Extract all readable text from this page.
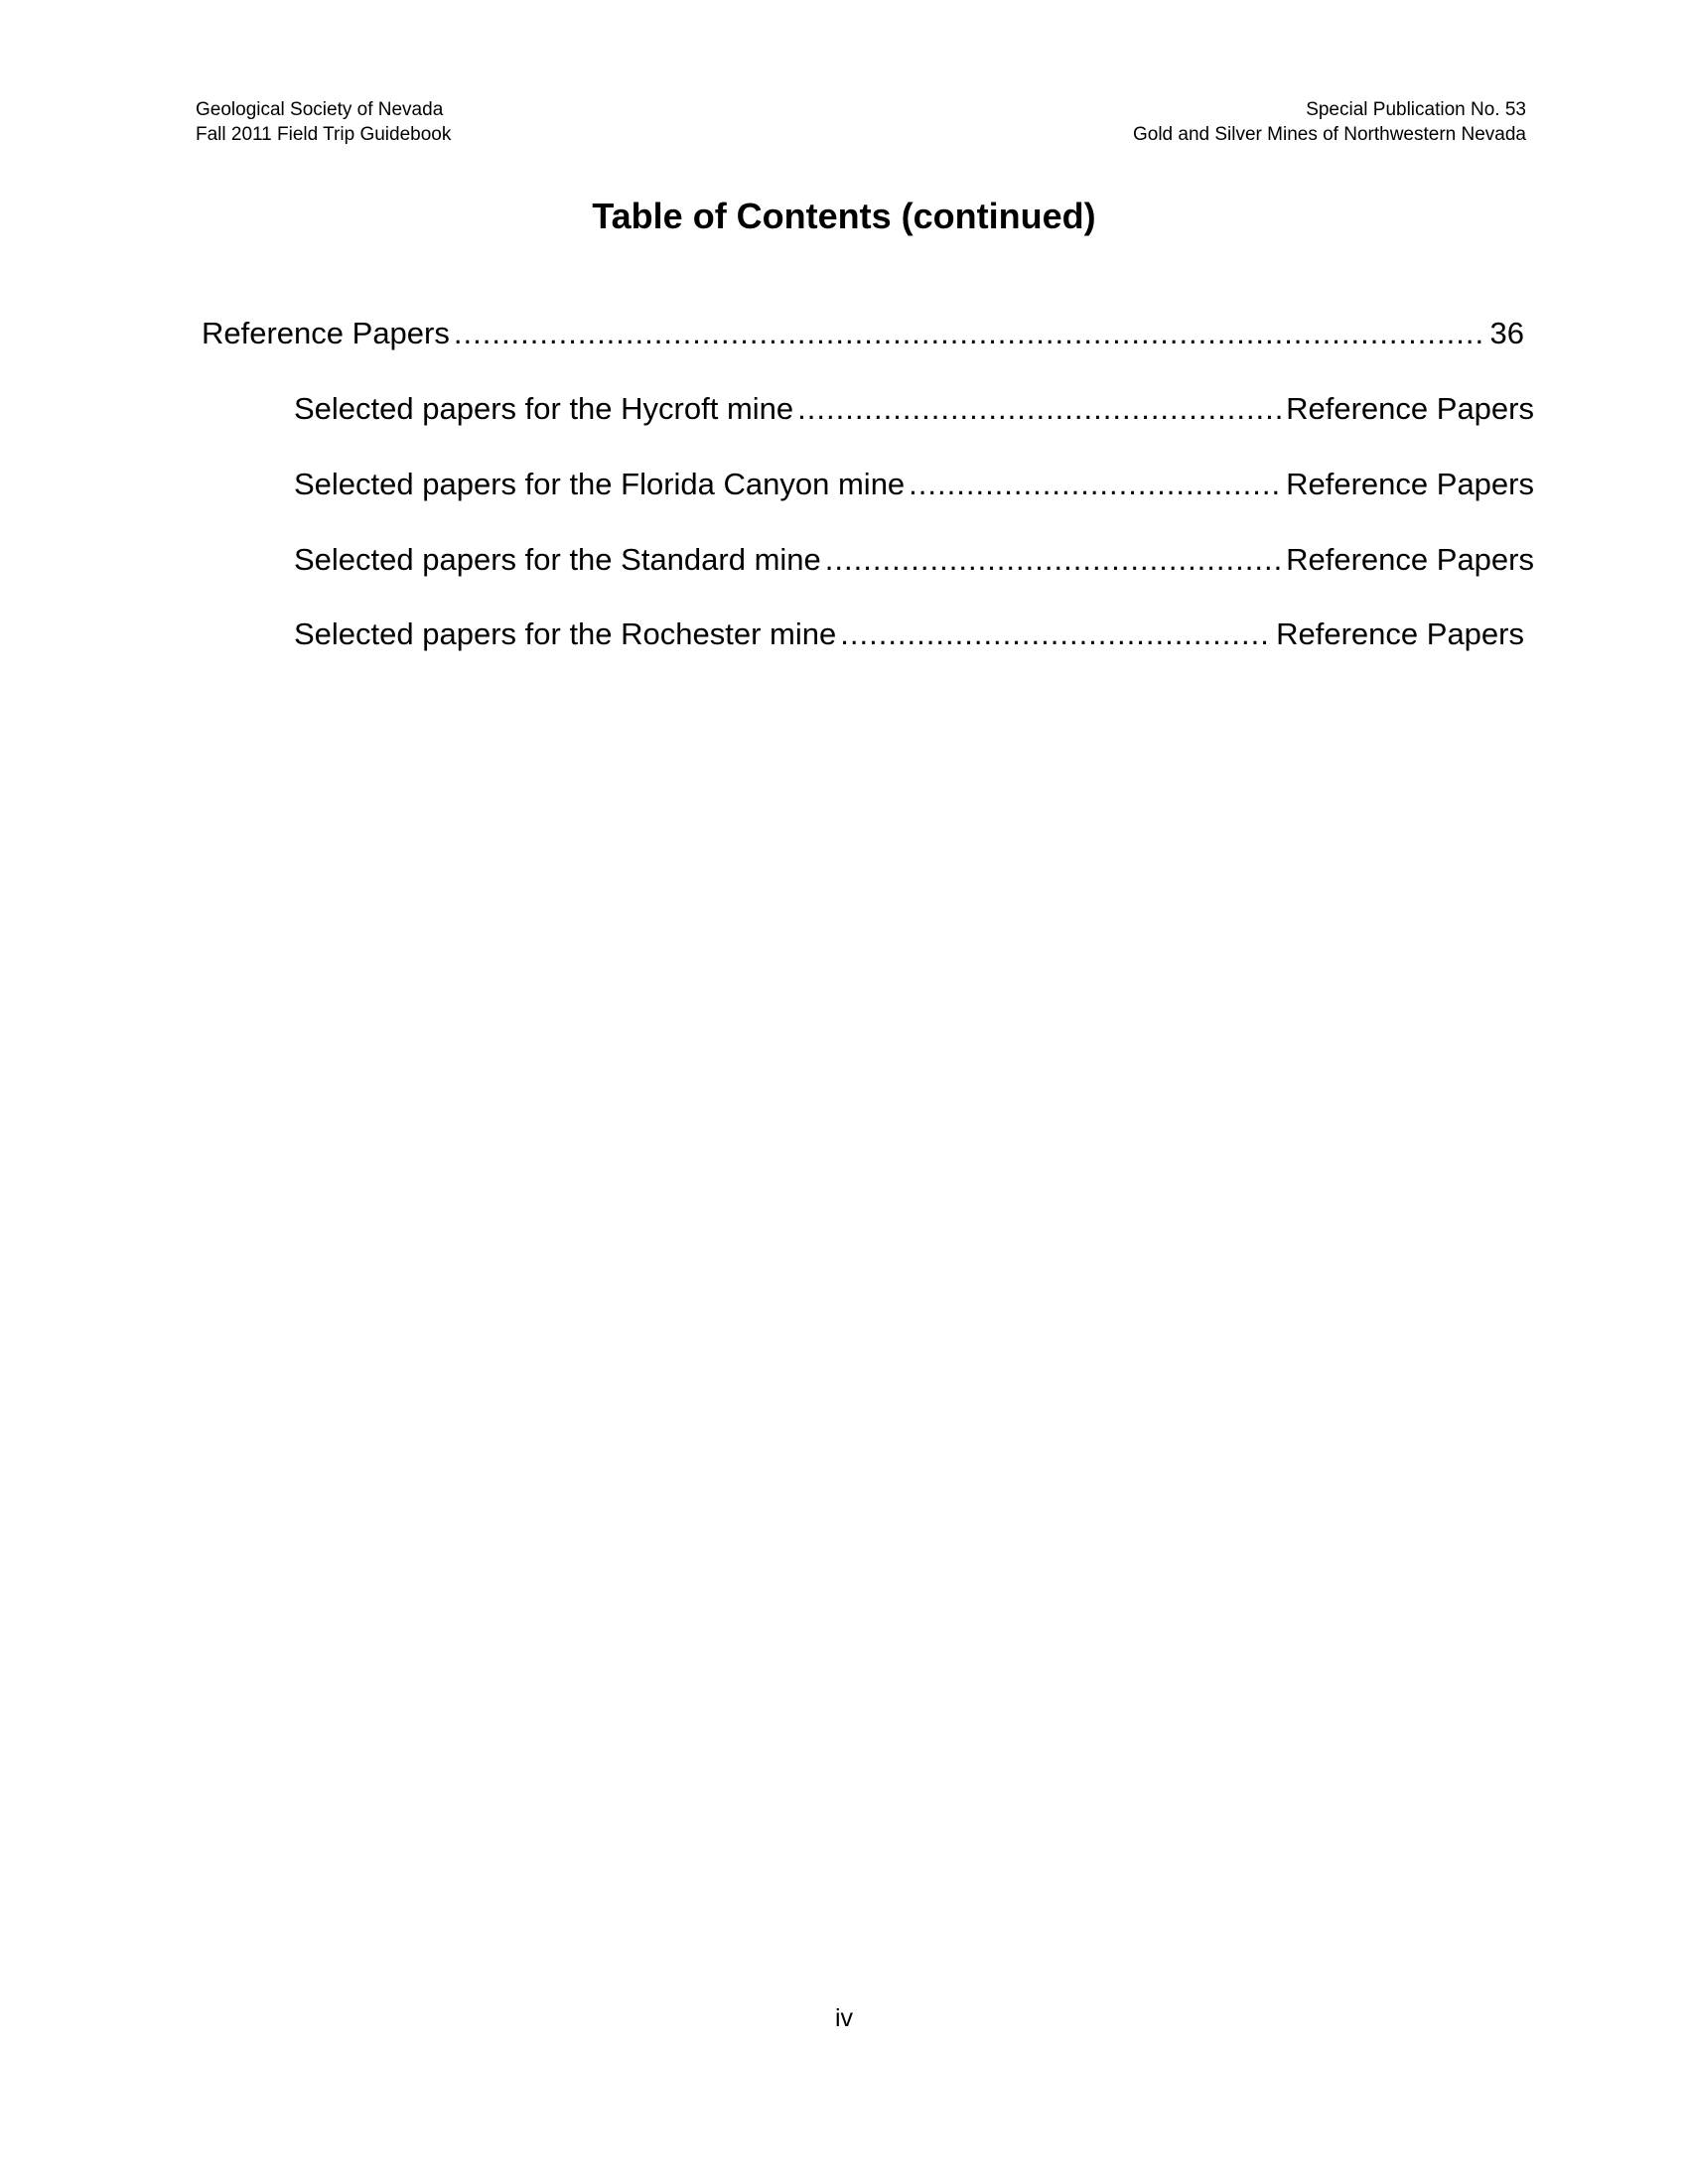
Geological Society of Nevada
Fall 2011 Field Trip Guidebook
Special Publication No. 53
Gold and Silver Mines of Northwestern Nevada
Table of Contents (continued)
Reference Papers .....	36
Selected papers for the Hycroft mine .....	Reference Papers
Selected papers for the Florida Canyon mine .....	Reference Papers
Selected papers for the Standard mine .....	Reference Papers
Selected papers for the Rochester mine .....	Reference Papers
iv
